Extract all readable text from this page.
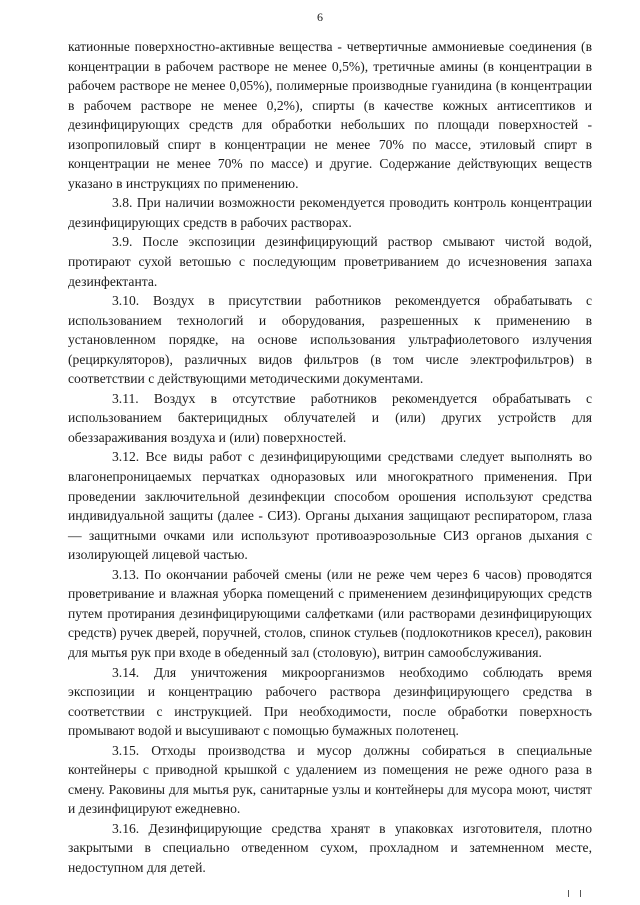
6

катионные поверхностно-активные вещества - четвертичные аммониевые соединения (в концентрации в рабочем растворе не менее 0,5%), третичные амины (в концентрации в рабочем растворе не менее 0,05%), полимерные производные гуанидина (в концентрации в рабочем растворе не менее 0,2%), спирты (в качестве кожных антисептиков и дезинфицирующих средств для обработки небольших по площади поверхностей - изопропиловый спирт в концентрации не менее 70% по массе, этиловый спирт в концентрации не менее 70% по массе) и другие. Содержание действующих веществ указано в инструкциях по применению.

3.8. При наличии возможности рекомендуется проводить контроль концентрации дезинфицирующих средств в рабочих растворах.

3.9. После экспозиции дезинфицирующий раствор смывают чистой водой, протирают сухой ветошью с последующим проветриванием до исчезновения запаха дезинфектанта.

3.10. Воздух в присутствии работников рекомендуется обрабатывать с использованием технологий и оборудования, разрешенных к применению в установленном порядке, на основе использования ультрафиолетового излучения (рециркуляторов), различных видов фильтров (в том числе электрофильтров) в соответствии с действующими методическими документами.

3.11. Воздух в отсутствие работников рекомендуется обрабатывать с использованием бактерицидных облучателей и (или) других устройств для обеззараживания воздуха и (или) поверхностей.

3.12. Все виды работ с дезинфицирующими средствами следует выполнять во влагонепроницаемых перчатках одноразовых или многократного применения. При проведении заключительной дезинфекции способом орошения используют средства индивидуальной защиты (далее - СИЗ). Органы дыхания защищают респиратором, глаза — защитными очками или используют противоаэрозольные СИЗ органов дыхания с изолирующей лицевой частью.

3.13. По окончании рабочей смены (или не реже чем через 6 часов) проводятся проветривание и влажная уборка помещений с применением дезинфицирующих средств путем протирания дезинфицирующими салфетками (или растворами дезинфицирующих средств) ручек дверей, поручней, столов, спинок стульев (подлокотников кресел), раковин для мытья рук при входе в обеденный зал (столовую), витрин самообслуживания.

3.14. Для уничтожения микроорганизмов необходимо соблюдать время экспозиции и концентрацию рабочего раствора дезинфицирующего средства в соответствии с инструкцией. При необходимости, после обработки поверхность промывают водой и высушивают с помощью бумажных полотенец.

3.15. Отходы производства и мусор должны собираться в специальные контейнеры с приводной крышкой с удалением из помещения не реже одного раза в смену. Раковины для мытья рук, санитарные узлы и контейнеры для мусора моют, чистят и дезинфицируют ежедневно.

3.16. Дезинфицирующие средства хранят в упаковках изготовителя, плотно закрытыми в специально отведенном сухом, прохладном и затемненном месте, недоступном для детей.
